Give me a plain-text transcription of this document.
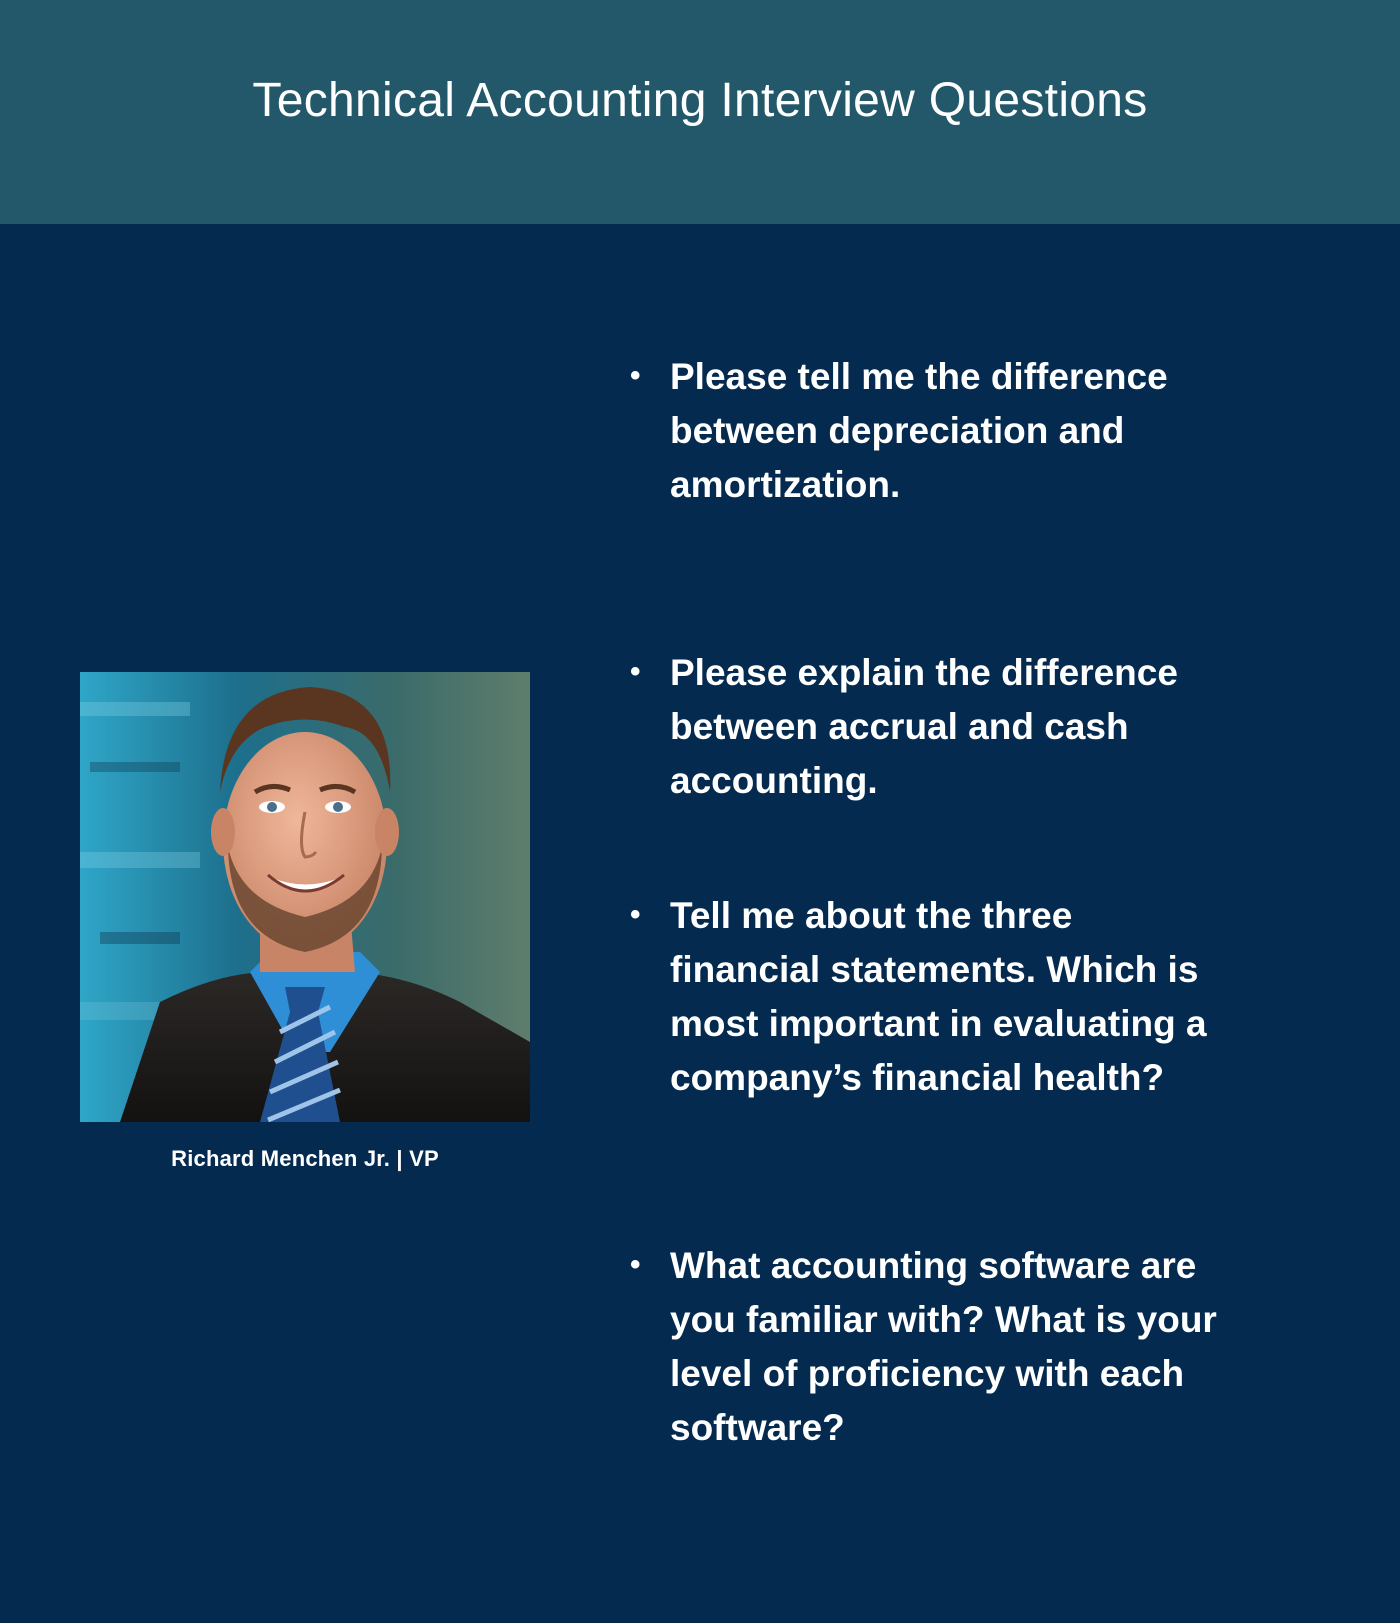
Technical Accounting Interview Questions
Richard Menchen Jr. | VP
• Please tell me the difference between depreciation and amortization.
• Please explain the difference between accrual and cash accounting.
• Tell me about the three financial statements. Which is most important in evaluating a company’s financial health?
• What accounting software are you familiar with? What is your level of proficiency with each software?
